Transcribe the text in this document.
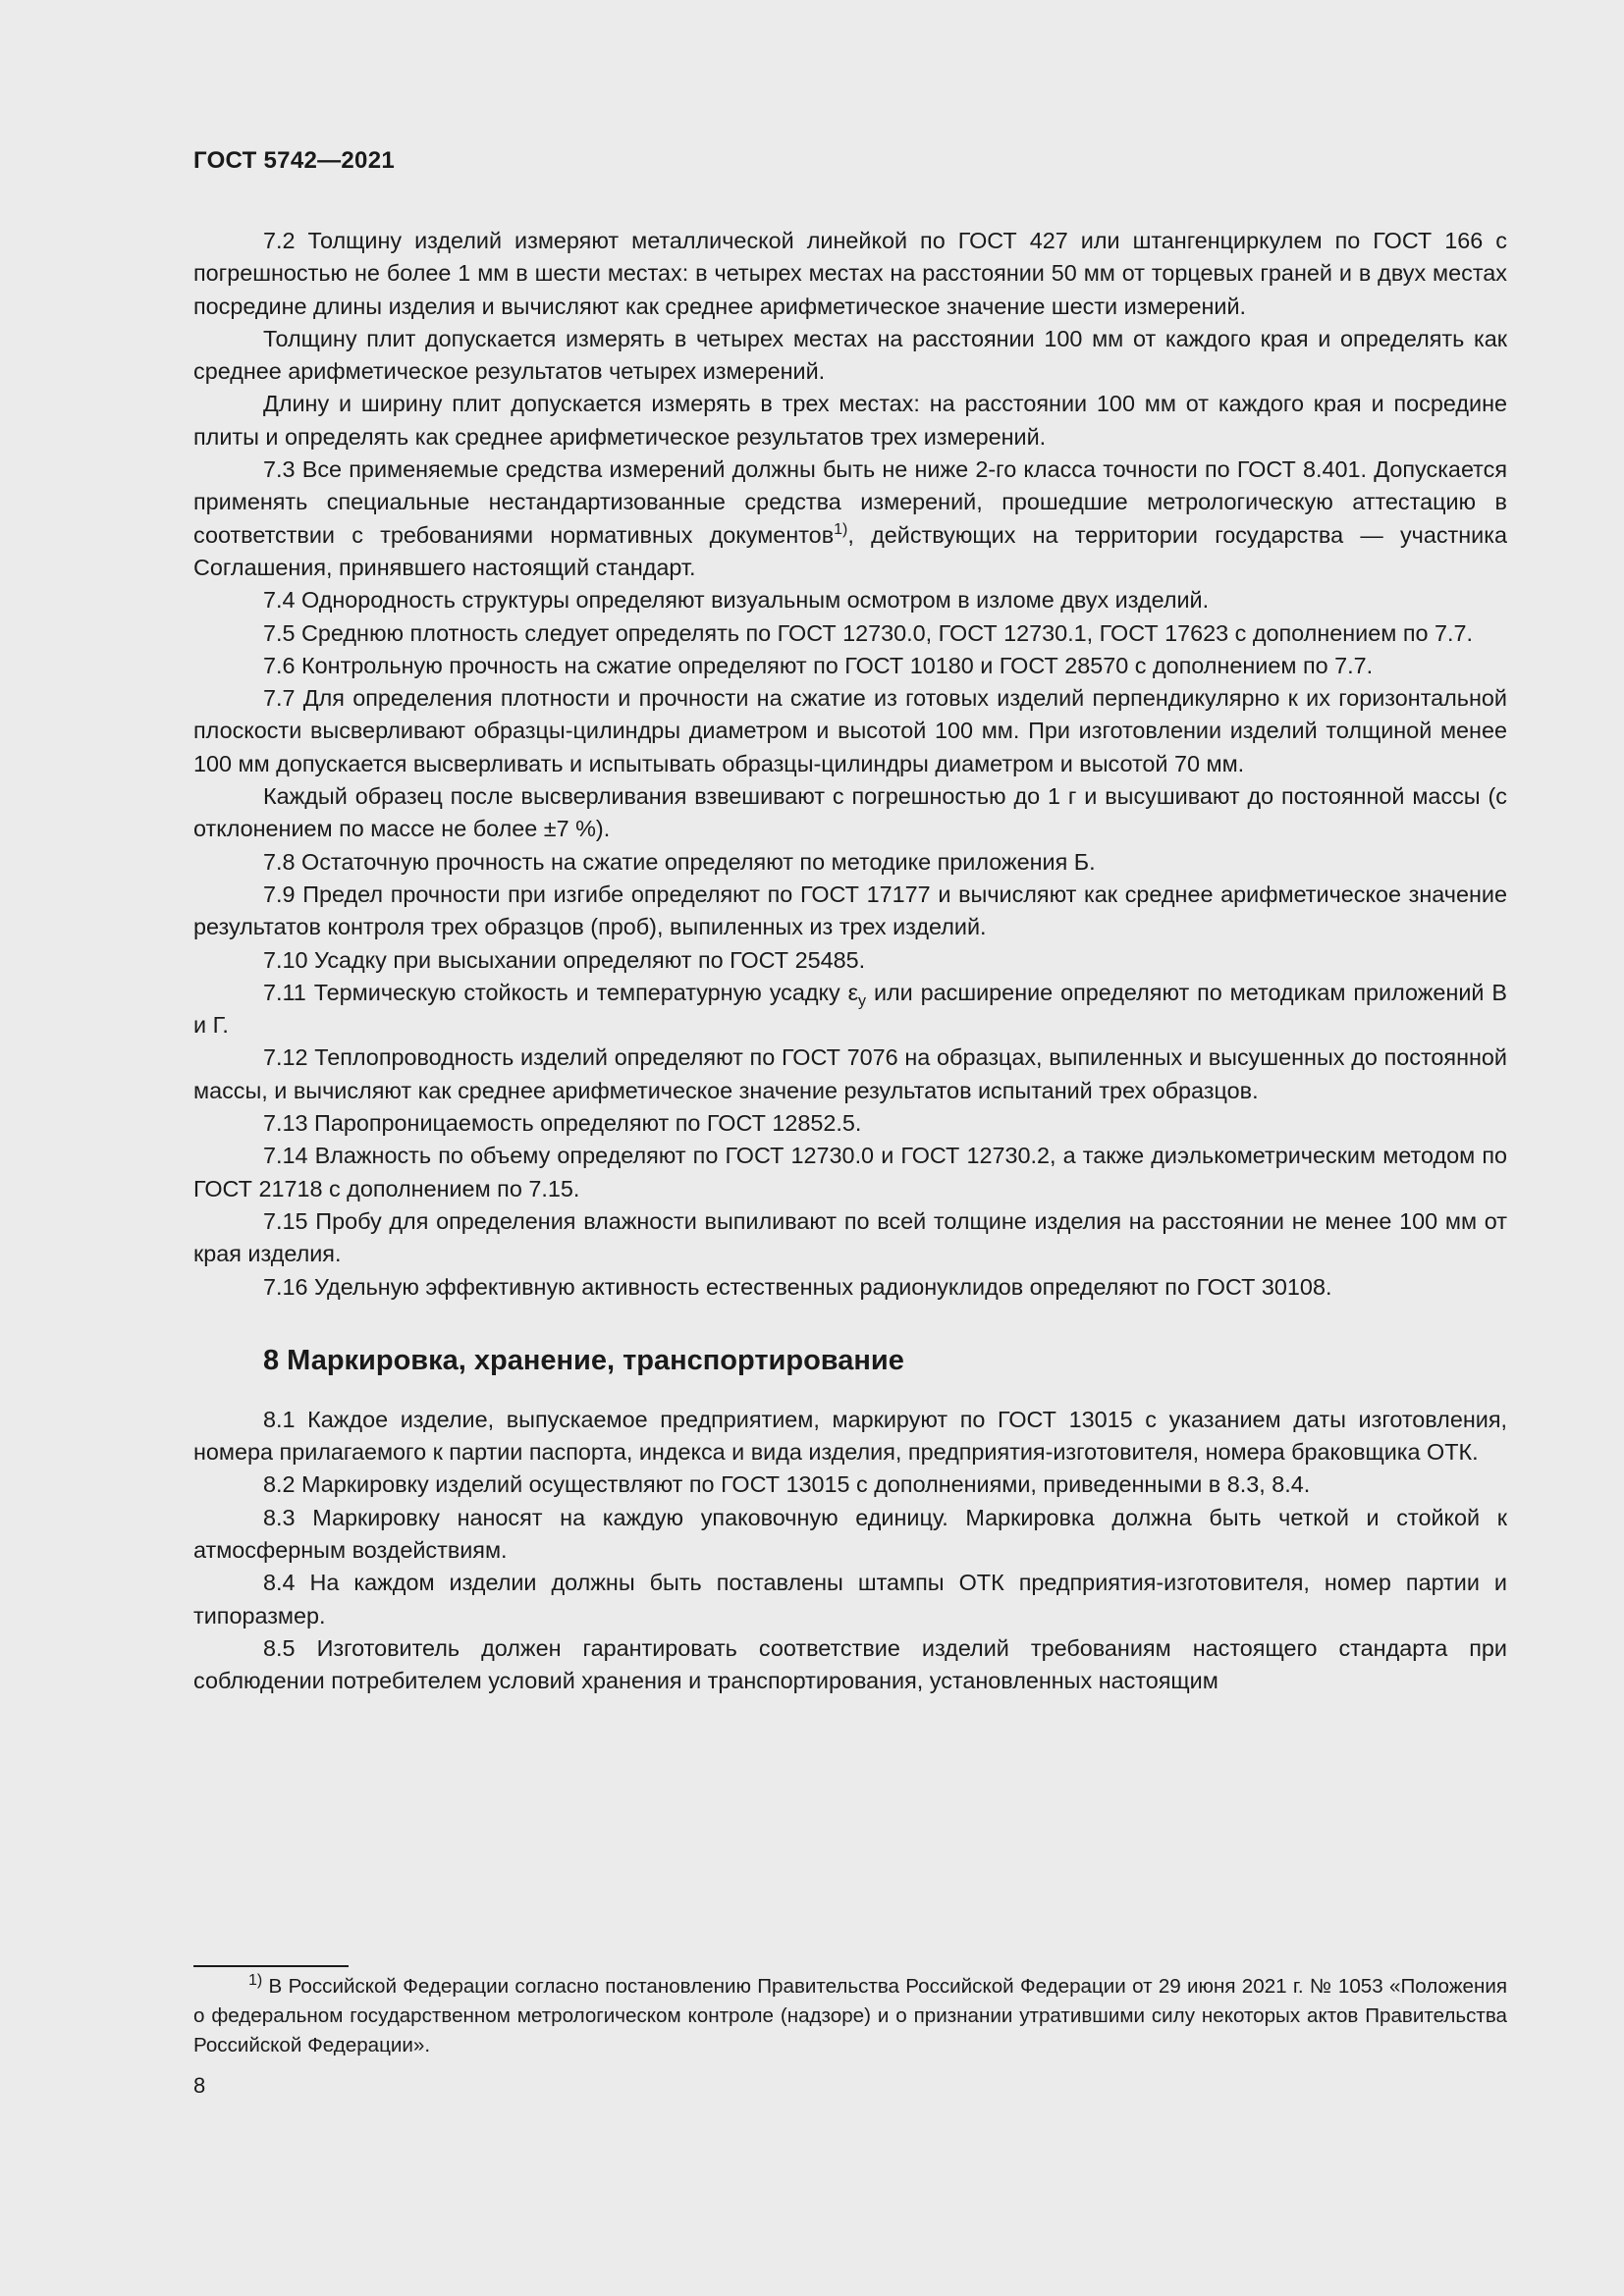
ГОСТ 5742—2021

7.2 Толщину изделий измеряют металлической линейкой по ГОСТ 427 или штангенциркулем по ГОСТ 166 с погрешностью не более 1 мм в шести местах: в четырех местах на расстоянии 50 мм от торцевых граней и в двух местах посредине длины изделия и вычисляют как среднее арифметическое значение шести измерений.

Толщину плит допускается измерять в четырех местах на расстоянии 100 мм от каждого края и определять как среднее арифметическое результатов четырех измерений.

Длину и ширину плит допускается измерять в трех местах: на расстоянии 100 мм от каждого края и посредине плиты и определять как среднее арифметическое результатов трех измерений.

7.3 Все применяемые средства измерений должны быть не ниже 2-го класса точности по ГОСТ 8.401. Допускается применять специальные нестандартизованные средства измерений, прошедшие метрологическую аттестацию в соответствии с требованиями нормативных документов$^{1)}$, действующих на территории государства — участника Соглашения, принявшего настоящий стандарт.

7.4 Однородность структуры определяют визуальным осмотром в изломе двух изделий.

7.5 Среднюю плотность следует определять по ГОСТ 12730.0, ГОСТ 12730.1, ГОСТ 17623 с дополнением по 7.7.

7.6 Контрольную прочность на сжатие определяют по ГОСТ 10180 и ГОСТ 28570 с дополнением по 7.7.

7.7 Для определения плотности и прочности на сжатие из готовых изделий перпендикулярно к их горизонтальной плоскости высверливают образцы-цилиндры диаметром и высотой 100 мм. При изготовлении изделий толщиной менее 100 мм допускается высверливать и испытывать образцы-цилиндры диаметром и высотой 70 мм.

Каждый образец после высверливания взвешивают с погрешностью до 1 г и высушивают до постоянной массы (с отклонением по массе не более ±7 %).

7.8 Остаточную прочность на сжатие определяют по методике приложения Б.

7.9 Предел прочности при изгибе определяют по ГОСТ 17177 и вычисляют как среднее арифметическое значение результатов контроля трех образцов (проб), выпиленных из трех изделий.

7.10 Усадку при высыхании определяют по ГОСТ 25485.

7.11 Термическую стойкость и температурную усадку $\varepsilon_y$ или расширение определяют по методикам приложений В и Г.

7.12 Теплопроводность изделий определяют по ГОСТ 7076 на образцах, выпиленных и высушенных до постоянной массы, и вычисляют как среднее арифметическое значение результатов испытаний трех образцов.

7.13 Паропроницаемость определяют по ГОСТ 12852.5.

7.14 Влажность по объему определяют по ГОСТ 12730.0 и ГОСТ 12730.2, а также диэлькометрическим методом по ГОСТ 21718 с дополнением по 7.15.

7.15 Пробу для определения влажности выпиливают по всей толщине изделия на расстоянии не менее 100 мм от края изделия.

7.16 Удельную эффективную активность естественных радионуклидов определяют по ГОСТ 30108.

8 Маркировка, хранение, транспортирование

8.1 Каждое изделие, выпускаемое предприятием, маркируют по ГОСТ 13015 с указанием даты изготовления, номера прилагаемого к партии паспорта, индекса и вида изделия, предприятия-изготовителя, номера браковщика ОТК.

8.2 Маркировку изделий осуществляют по ГОСТ 13015 с дополнениями, приведенными в 8.3, 8.4.

8.3 Маркировку наносят на каждую упаковочную единицу. Маркировка должна быть четкой и стойкой к атмосферным воздействиям.

8.4 На каждом изделии должны быть поставлены штампы ОТК предприятия-изготовителя, номер партии и типоразмер.

8.5 Изготовитель должен гарантировать соответствие изделий требованиям настоящего стандарта при соблюдении потребителем условий хранения и транспортирования, установленных настоящим

$^{1)}$ В Российской Федерации согласно постановлению Правительства Российской Федерации от 29 июня 2021 г. № 1053 «Положения о федеральном государственном метрологическом контроле (надзоре) и о признании утратившими силу некоторых актов Правительства Российской Федерации».

8
